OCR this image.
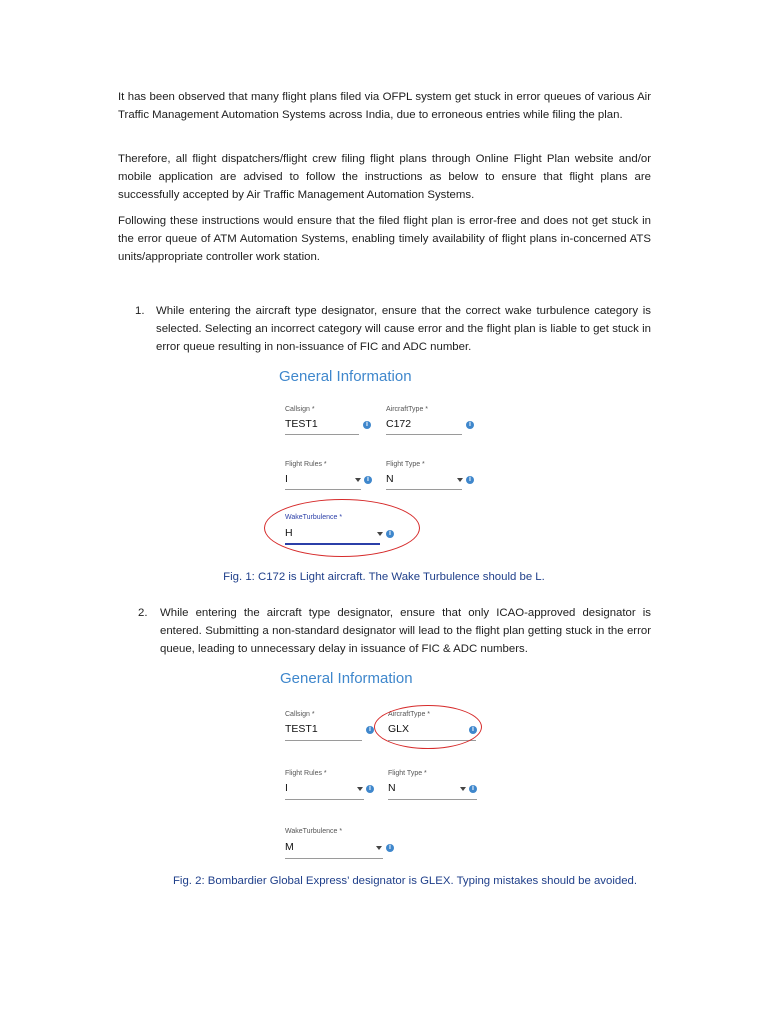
It has been observed that many flight plans filed via OFPL system get stuck in error queues of various Air Traffic Management Automation Systems across India, due to erroneous entries while filing the plan.

Therefore, all flight dispatchers/flight crew filing flight plans through Online Flight Plan website and/or mobile application are advised to follow the instructions as below to ensure that flight plans are successfully accepted by Air Traffic Management Automation Systems.

Following these instructions would ensure that the filed flight plan is error-free and does not get stuck in the error queue of ATM Automation Systems, enabling timely availability of flight plans in-concerned ATS units/appropriate controller work station.

1. While entering the aircraft type designator, ensure that the correct wake turbulence category is selected. Selecting an incorrect category will cause error and the flight plan is liable to get stuck in error queue resulting in non-issuance of FIC and ADC number.

General Information
Callsign *
TEST1	i
AircraftType *
C172	i
Flight Rules *
I	i
Flight Type *
N	i
WakeTurbulence *
H	i
Fig. 1: C172 is Light aircraft. The Wake Turbulence should be L.
2. While entering the aircraft type designator, ensure that only ICAO-approved designator is entered. Submitting a non-standard designator will lead to the flight plan getting stuck in the error queue, leading to unnecessary delay in issuance of FIC & ADC numbers.

General Information
Callsign *
TEST1	i
AircraftType *
GLX	i
Flight Rules *
I	i
Flight Type *
N	i
WakeTurbulence *
M	i
Fig. 2: Bombardier Global Express’ designator is GLEX. Typing mistakes should be avoided.
